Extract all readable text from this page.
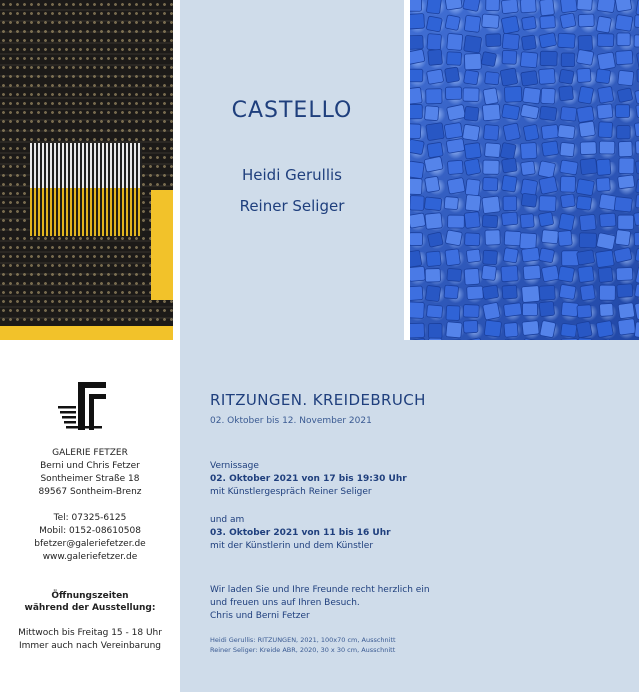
CASTELLO
Heidi Gerullis
Reiner Seliger
GALERIE FETZER
Berni und Chris Fetzer
Sontheimer Straße 18
89567 Sontheim-Brenz
Tel: 07325-6125
Mobil: 0152-08610508
bfetzer@galeriefetzer.de
www.galeriefetzer.de
Öffnungszeiten
während der Ausstellung:
Mittwoch bis Freitag 15 - 18 Uhr
Immer auch nach Vereinbarung
RITZUNGEN. KREIDEBRUCH
02. Oktober bis 12. November 2021
Vernissage
02. Oktober 2021 von 17 bis 19:30 Uhr
mit Künstlergespräch Reiner Seliger
und am
03. Oktober 2021 von 11 bis 16 Uhr
mit der Künstlerin und dem Künstler
Wir laden Sie und Ihre Freunde recht herzlich ein
und freuen uns auf Ihren Besuch.
Chris und Berni Fetzer
Heidi Gerullis: RITZUNGEN, 2021, 100x70 cm, Ausschnitt
Reiner Seliger: Kreide ABR, 2020, 30 x 30 cm, Ausschnitt
